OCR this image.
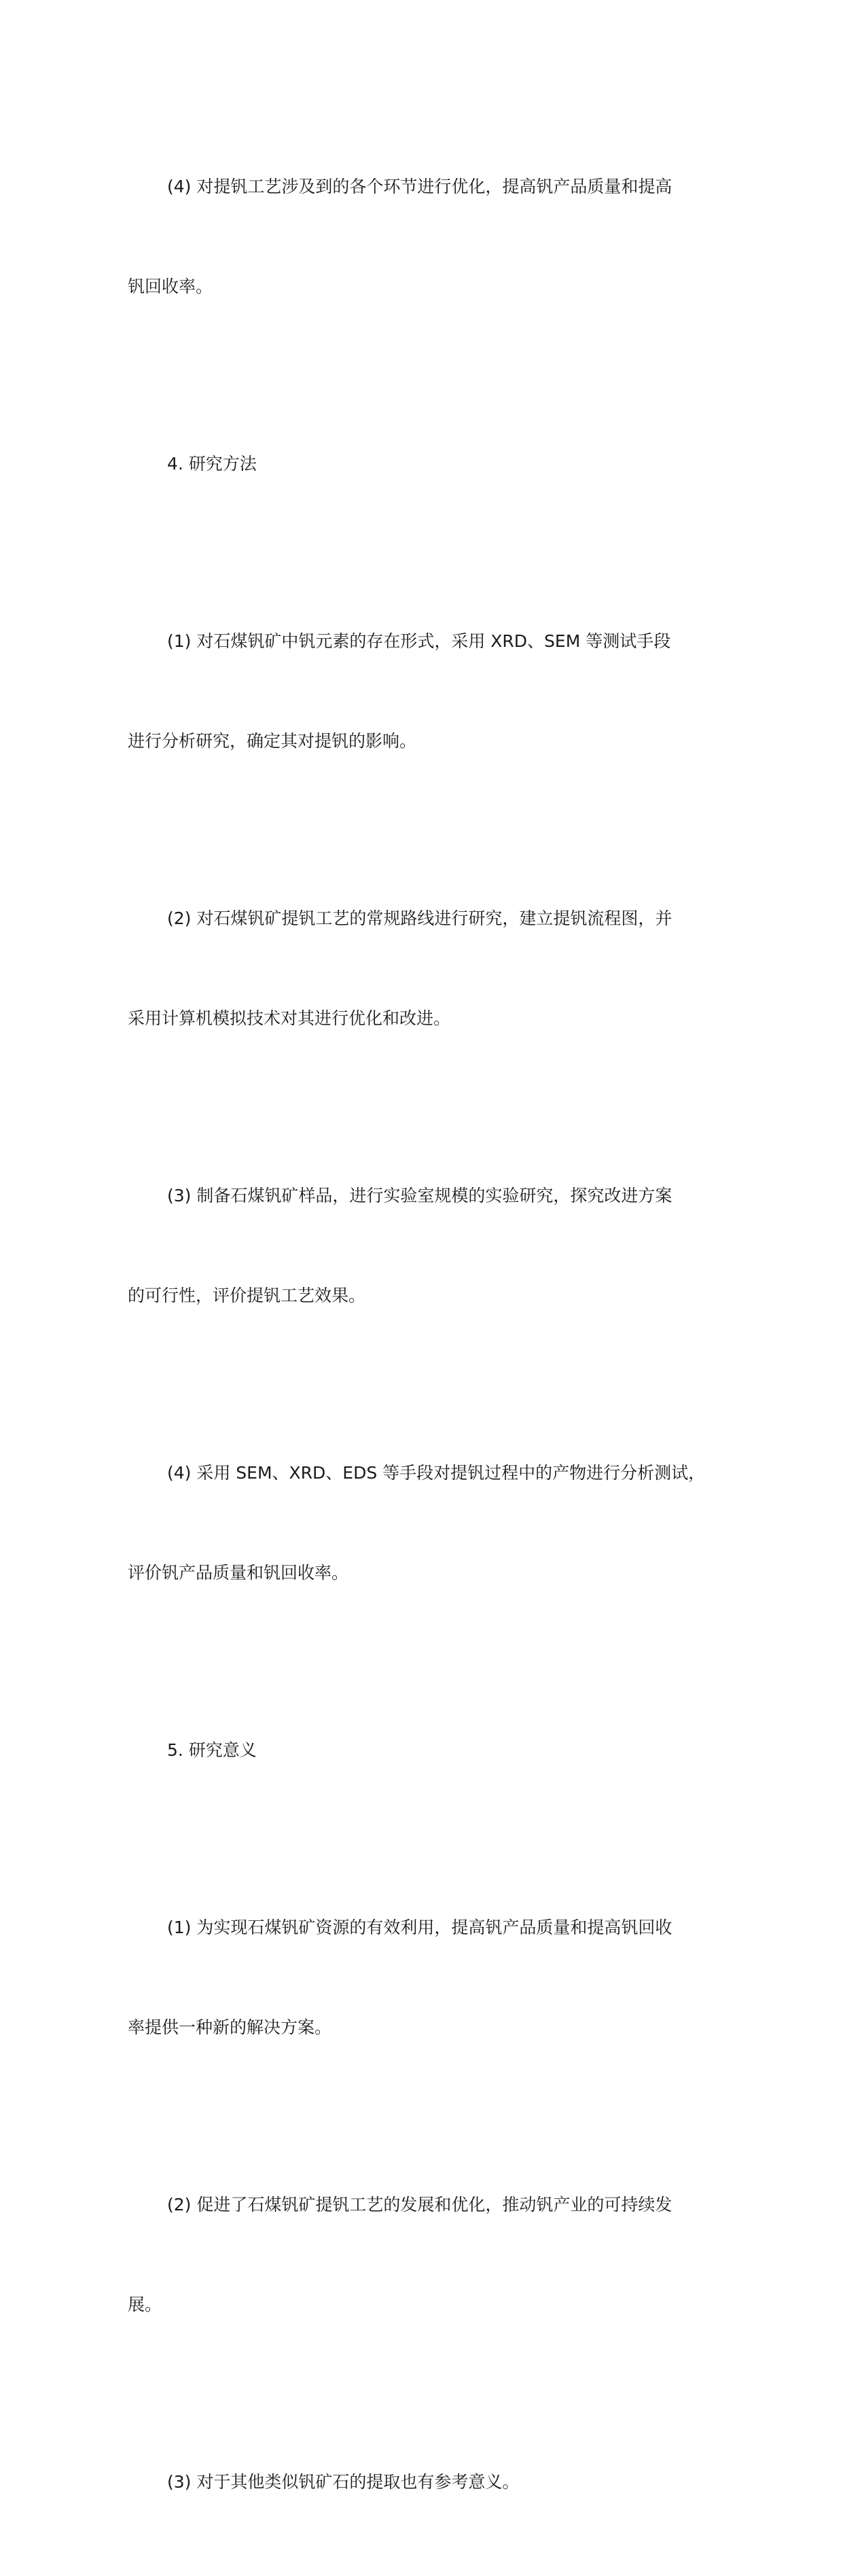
(4) 对提钒工艺涉及到的各个环节进行优化，提高钒产品质量和提高

钒回收率。

4. 研究方法

(1) 对石煤钒矿中钒元素的存在形式，采用 XRD、SEM 等测试手段

进行分析研究，确定其对提钒的影响。

(2) 对石煤钒矿提钒工艺的常规路线进行研究，建立提钒流程图，并

采用计算机模拟技术对其进行优化和改进。

(3) 制备石煤钒矿样品，进行实验室规模的实验研究，探究改进方案

的可行性，评价提钒工艺效果。

(4) 采用 SEM、XRD、EDS 等手段对提钒过程中的产物进行分析测试，

评价钒产品质量和钒回收率。

5. 研究意义

(1) 为实现石煤钒矿资源的有效利用，提高钒产品质量和提高钒回收

率提供一种新的解决方案。

(2) 促进了石煤钒矿提钒工艺的发展和优化，推动钒产业的可持续发

展。

(3) 对于其他类似钒矿石的提取也有参考意义。
